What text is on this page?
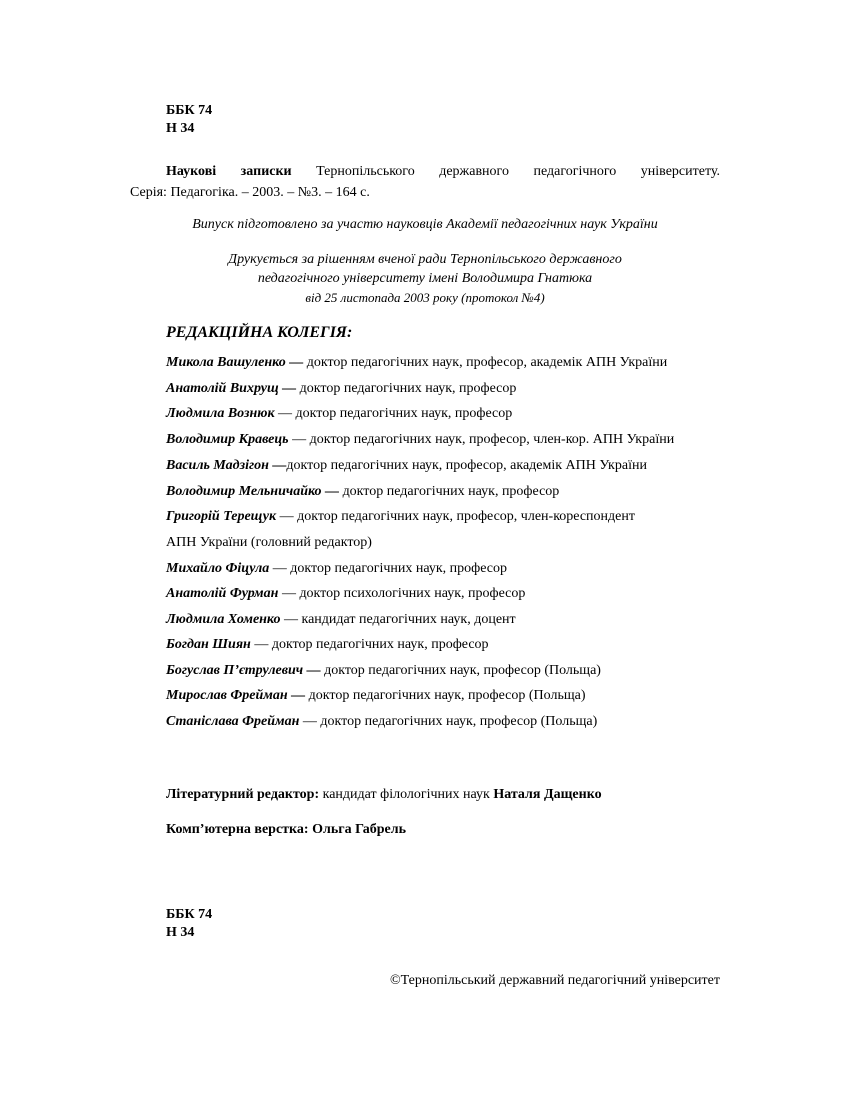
ББК 74
Н 34
Наукові записки Тернопільського державного педагогічного університету.
Серія: Педагогіка. – 2003. – №3. – 164 с.
Випуск підготовлено за участю науковців Академії педагогічних наук України
Друкується за рішенням вченої ради Тернопільського державного
педагогічного університету імені Володимира Гнатюка
від 25 листопада 2003 року (протокол №4)
РЕДАКЦІЙНА КОЛЕГІЯ:
Микола Вашуленко — доктор педагогічних наук, професор, академік АПН України
Анатолій Вихрущ — доктор педагогічних наук, професор
Людмила Вознюк — доктор педагогічних наук, професор
Володимир Кравець — доктор педагогічних наук, професор, член-кор. АПН України
Василь Мадзігон —доктор педагогічних наук, професор, академік АПН України
Володимир Мельничайко — доктор педагогічних наук, професор
Григорій Терещук — доктор педагогічних наук, професор, член-кореспондент
АПН України (головний редактор)
Михайло Фіцула — доктор педагогічних наук, професор
Анатолій Фурман — доктор психологічних наук, професор
Людмила Хоменко — кандидат педагогічних наук, доцент
Богдан Шиян — доктор педагогічних наук, професор
Богуслав П’єтрулевич — доктор педагогічних наук, професор (Польща)
Мирослав Фрейман — доктор педагогічних наук, професор (Польща)
Станіслава Фрейман — доктор педагогічних наук, професор (Польща)
Літературний редактор: кандидат філологічних наук Наталя Дащенко
Комп’ютерна верстка: Ольга Габрель
ББК 74
Н 34
©Тернопільський державний педагогічний університет
